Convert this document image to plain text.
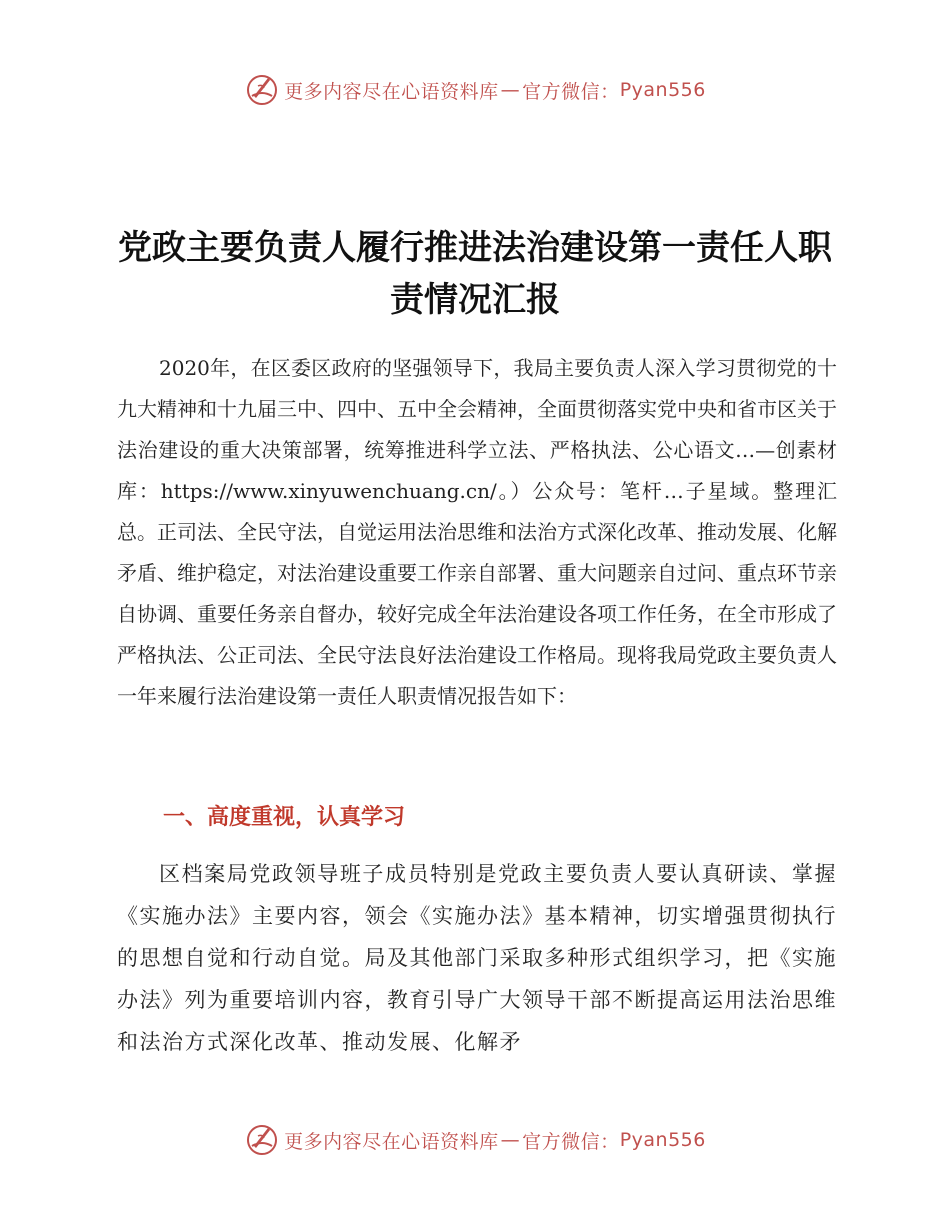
更多内容尽在心语资料库 — 官方微信： Pyan556
党政主要负责人履行推进法治建设第一责任人职
责情况汇报

2020年，在区委区政府的坚强领导下，我局主要负责人深入学习贯彻党的十九大精神和十九届三中、四中、五中全会精神，全面贯彻落实党中央和省市区关于法治建设的重大决策部署，统筹推进科学立法、严格执法、公心语文…—创素材库：https://www.xinyuwenchuang.cn/。）公众号：笔杆…子星域。整理汇总。正司法、全民守法，自觉运用法治思维和法治方式深化改革、推动发展、化解矛盾、维护稳定，对法治建设重要工作亲自部署、重大问题亲自过问、重点环节亲自协调、重要任务亲自督办，较好完成全年法治建设各项工作任务，在全市形成了严格执法、公正司法、全民守法良好法治建设工作格局。现将我局党政主要负责人一年来履行法治建设第一责任人职责情况报告如下：

一、高度重视，认真学习

区档案局党政领导班子成员特别是党政主要负责人要认真研读、掌握《实施办法》主要内容，领会《实施办法》基本精神，切实增强贯彻执行的思想自觉和行动自觉。局及其他部门采取多种形式组织学习，把《实施办法》列为重要培训内容，教育引导广大领导干部不断提高运用法治思维和法治方式深化改革、推动发展、化解矛

更多内容尽在心语资料库 — 官方微信： Pyan556
